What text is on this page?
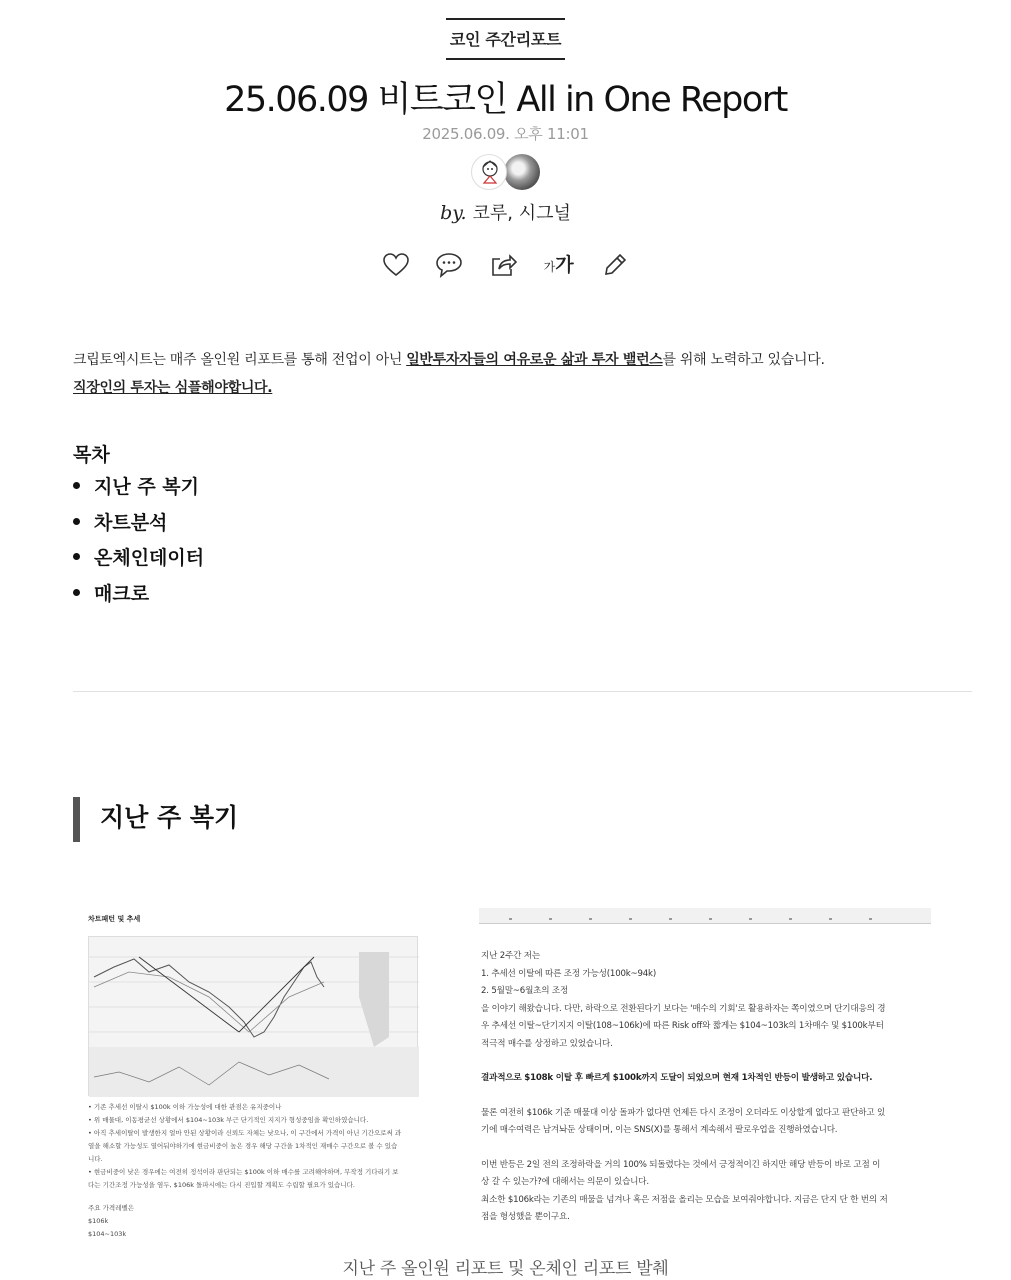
코인 주간리포트
25.06.09 비트코인 All in One Report
2025.06.09. 오후 11:01

by. 코루, 시그널
가가
크립토엑시트는 매주 올인원 리포트를 통해 전업이 아닌 일반투자자들의 여유로운 삶과 투자 밸런스를 위해 노력하고 있습니다.
직장인의 투자는 심플해야합니다.
목차
지난 주 복기
차트분석
온체인데이터
매크로
지난 주 복기
차트패턴 및 추세
• 기존 추세선 이탈시 $100k 이하 가능성에 대한 관점은 유지중이나
• 위 매물대, 이동평균선 상황에서 $104~103k 부근 단기적인 지지가 형성중임을 확인하였습니다.
• 아직 추세이탈이 발생한지 얼마 안된 상황이라 신뢰도 자체는 낮으나, 이 구간에서 가격이 아닌 기간으로써 과
열을 해소할 가능성도 열어둬야하기에 현금비중이 높은 경우 해당 구간을 1차적인 재매수 구간으로 볼 수 있습
니다.
• 현금비중이 낮은 경우에는 여전히 정석이라 판단되는 $100k 이하 매수를 고려해야하며, 무작정 기다리기 보
다는 기간조정 가능성을 염두, $106k 돌파시에는 다시 진입할 계획도 수립할 필요가 있습니다.
주요 가격레벨은
$106k
$104~103k
지난 2주간 저는
1. 추세선 이탈에 따른 조정 가능성(100k~94k)
2. 5월말~6월초의 조정
을 이야기 해왔습니다. 다만, 하락으로 전환된다기 보다는 '매수의 기회'로 활용하자는 쪽이였으며 단기대응의 경
우 추세선 이탈~단기지지 이탈(108~106k)에 따른 Risk off와 짧게는 $104~103k의 1차매수 및 $100k부터
적극적 매수를 상정하고 있었습니다.
결과적으로 $108k 이탈 후 빠르게 $100k까지 도달이 되었으며 현재 1차적인 반등이 발생하고 있습니다.
물론 여전히 $106k 기준 매물대 이상 돌파가 없다면 언제든 다시 조정이 오더라도 이상할게 없다고 판단하고 있
기에 매수여력은 남겨놔둔 상태이며, 이는 SNS(X)를 통해서 계속해서 팔로우업을 진행하였습니다.
이번 반등은 2일 전의 조정하락을 거의 100% 되돌렸다는 것에서 긍정적이긴 하지만 해당 반등이 바로 고점 이
상 갈 수 있는가?에 대해서는 의문이 있습니다.
최소한 $106k라는 기존의 매물을 넘겨나 혹은 저점을 올리는 모습을 보여줘야합니다. 지금은 단지 단 한 번의 저
점을 형성했을 뿐이구요.
지난 주 올인원 리포트 및 온체인 리포트 발췌
